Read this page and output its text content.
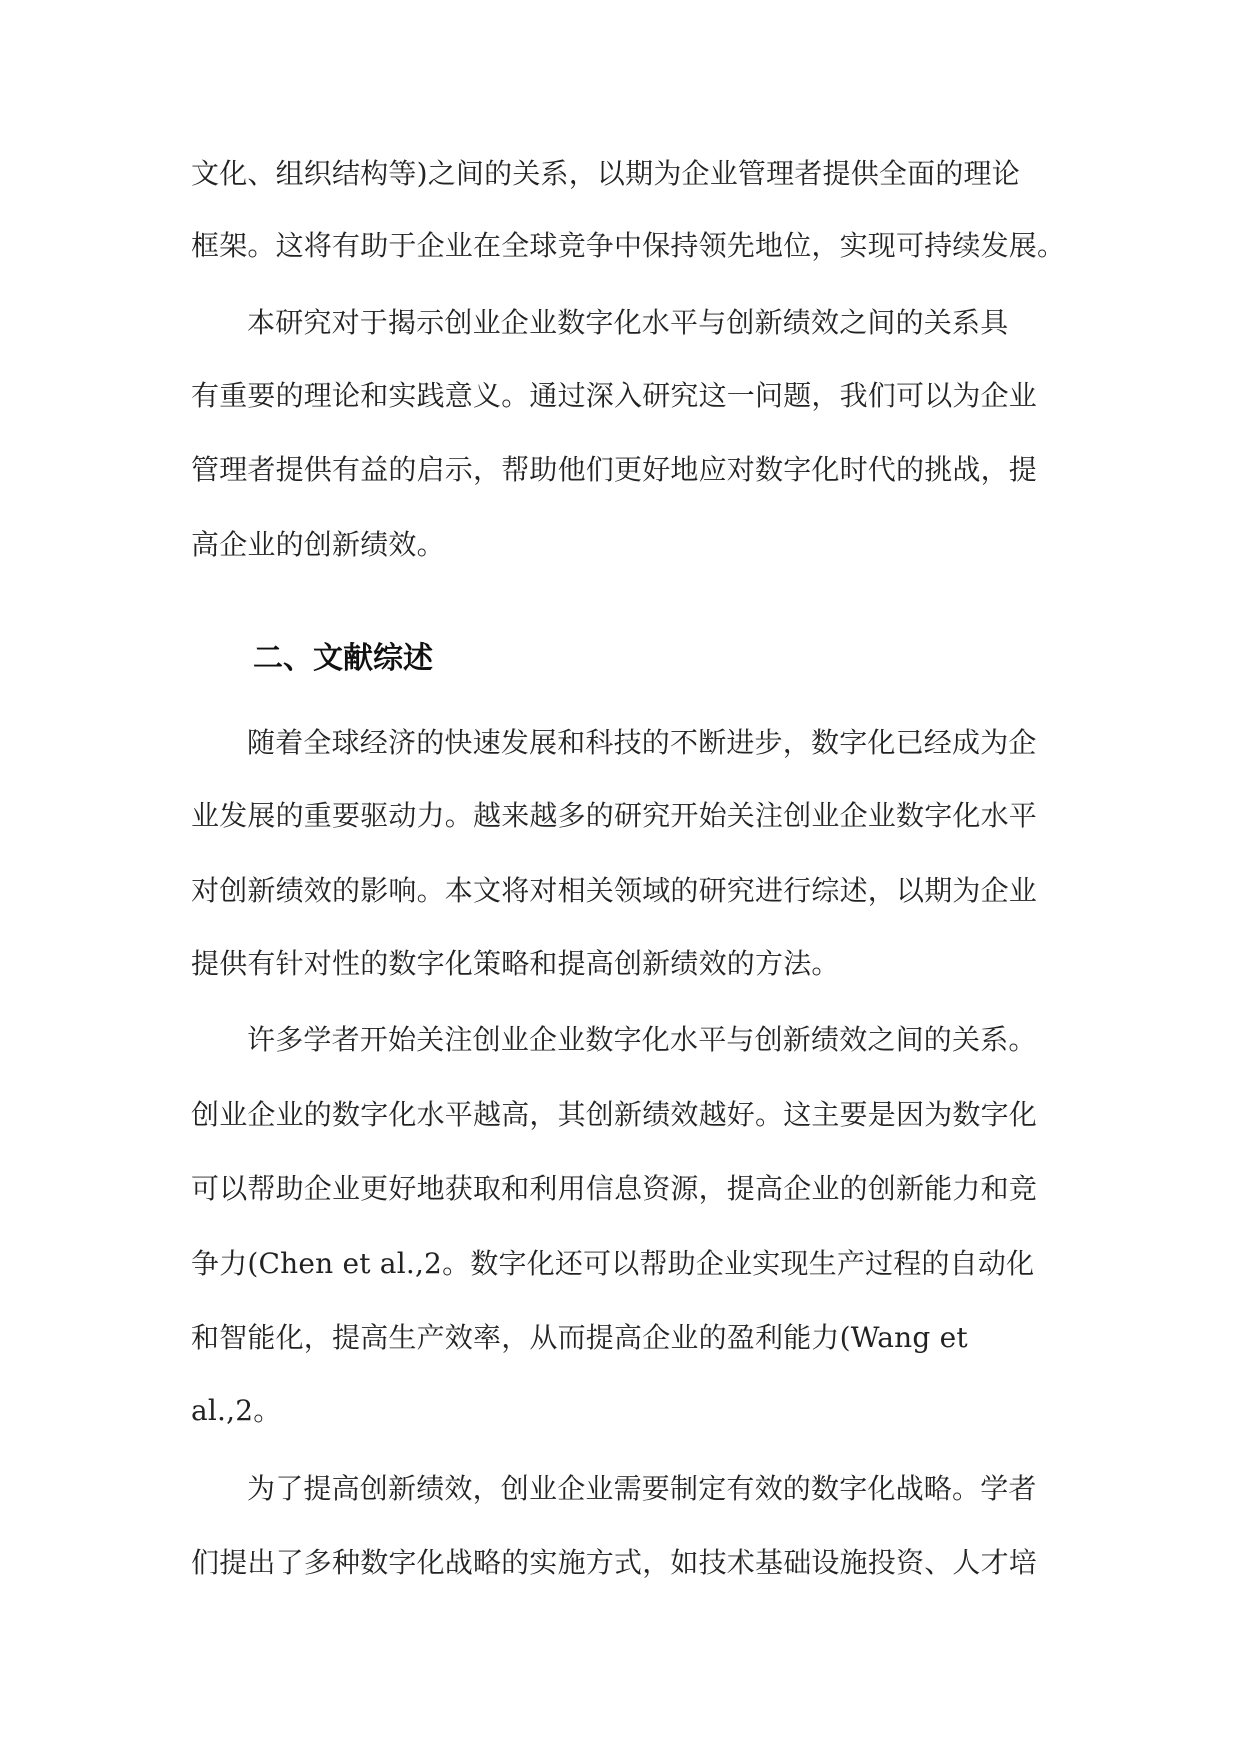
文化、组织结构等)之间的关系，以期为企业管理者提供全面的理论
框架。这将有助于企业在全球竞争中保持领先地位，实现可持续发展。
本研究对于揭示创业企业数字化水平与创新绩效之间的关系具
有重要的理论和实践意义。通过深入研究这一问题，我们可以为企业
管理者提供有益的启示，帮助他们更好地应对数字化时代的挑战，提
高企业的创新绩效。
二、文献综述
随着全球经济的快速发展和科技的不断进步，数字化已经成为企
业发展的重要驱动力。越来越多的研究开始关注创业企业数字化水平
对创新绩效的影响。本文将对相关领域的研究进行综述，以期为企业
提供有针对性的数字化策略和提高创新绩效的方法。
许多学者开始关注创业企业数字化水平与创新绩效之间的关系。
创业企业的数字化水平越高，其创新绩效越好。这主要是因为数字化
可以帮助企业更好地获取和利用信息资源，提高企业的创新能力和竞
争力(Chen et al.,2。数字化还可以帮助企业实现生产过程的自动化
和智能化，提高生产效率，从而提高企业的盈利能力(Wang et
al.,2。
为了提高创新绩效，创业企业需要制定有效的数字化战略。学者
们提出了多种数字化战略的实施方式，如技术基础设施投资、人才培
